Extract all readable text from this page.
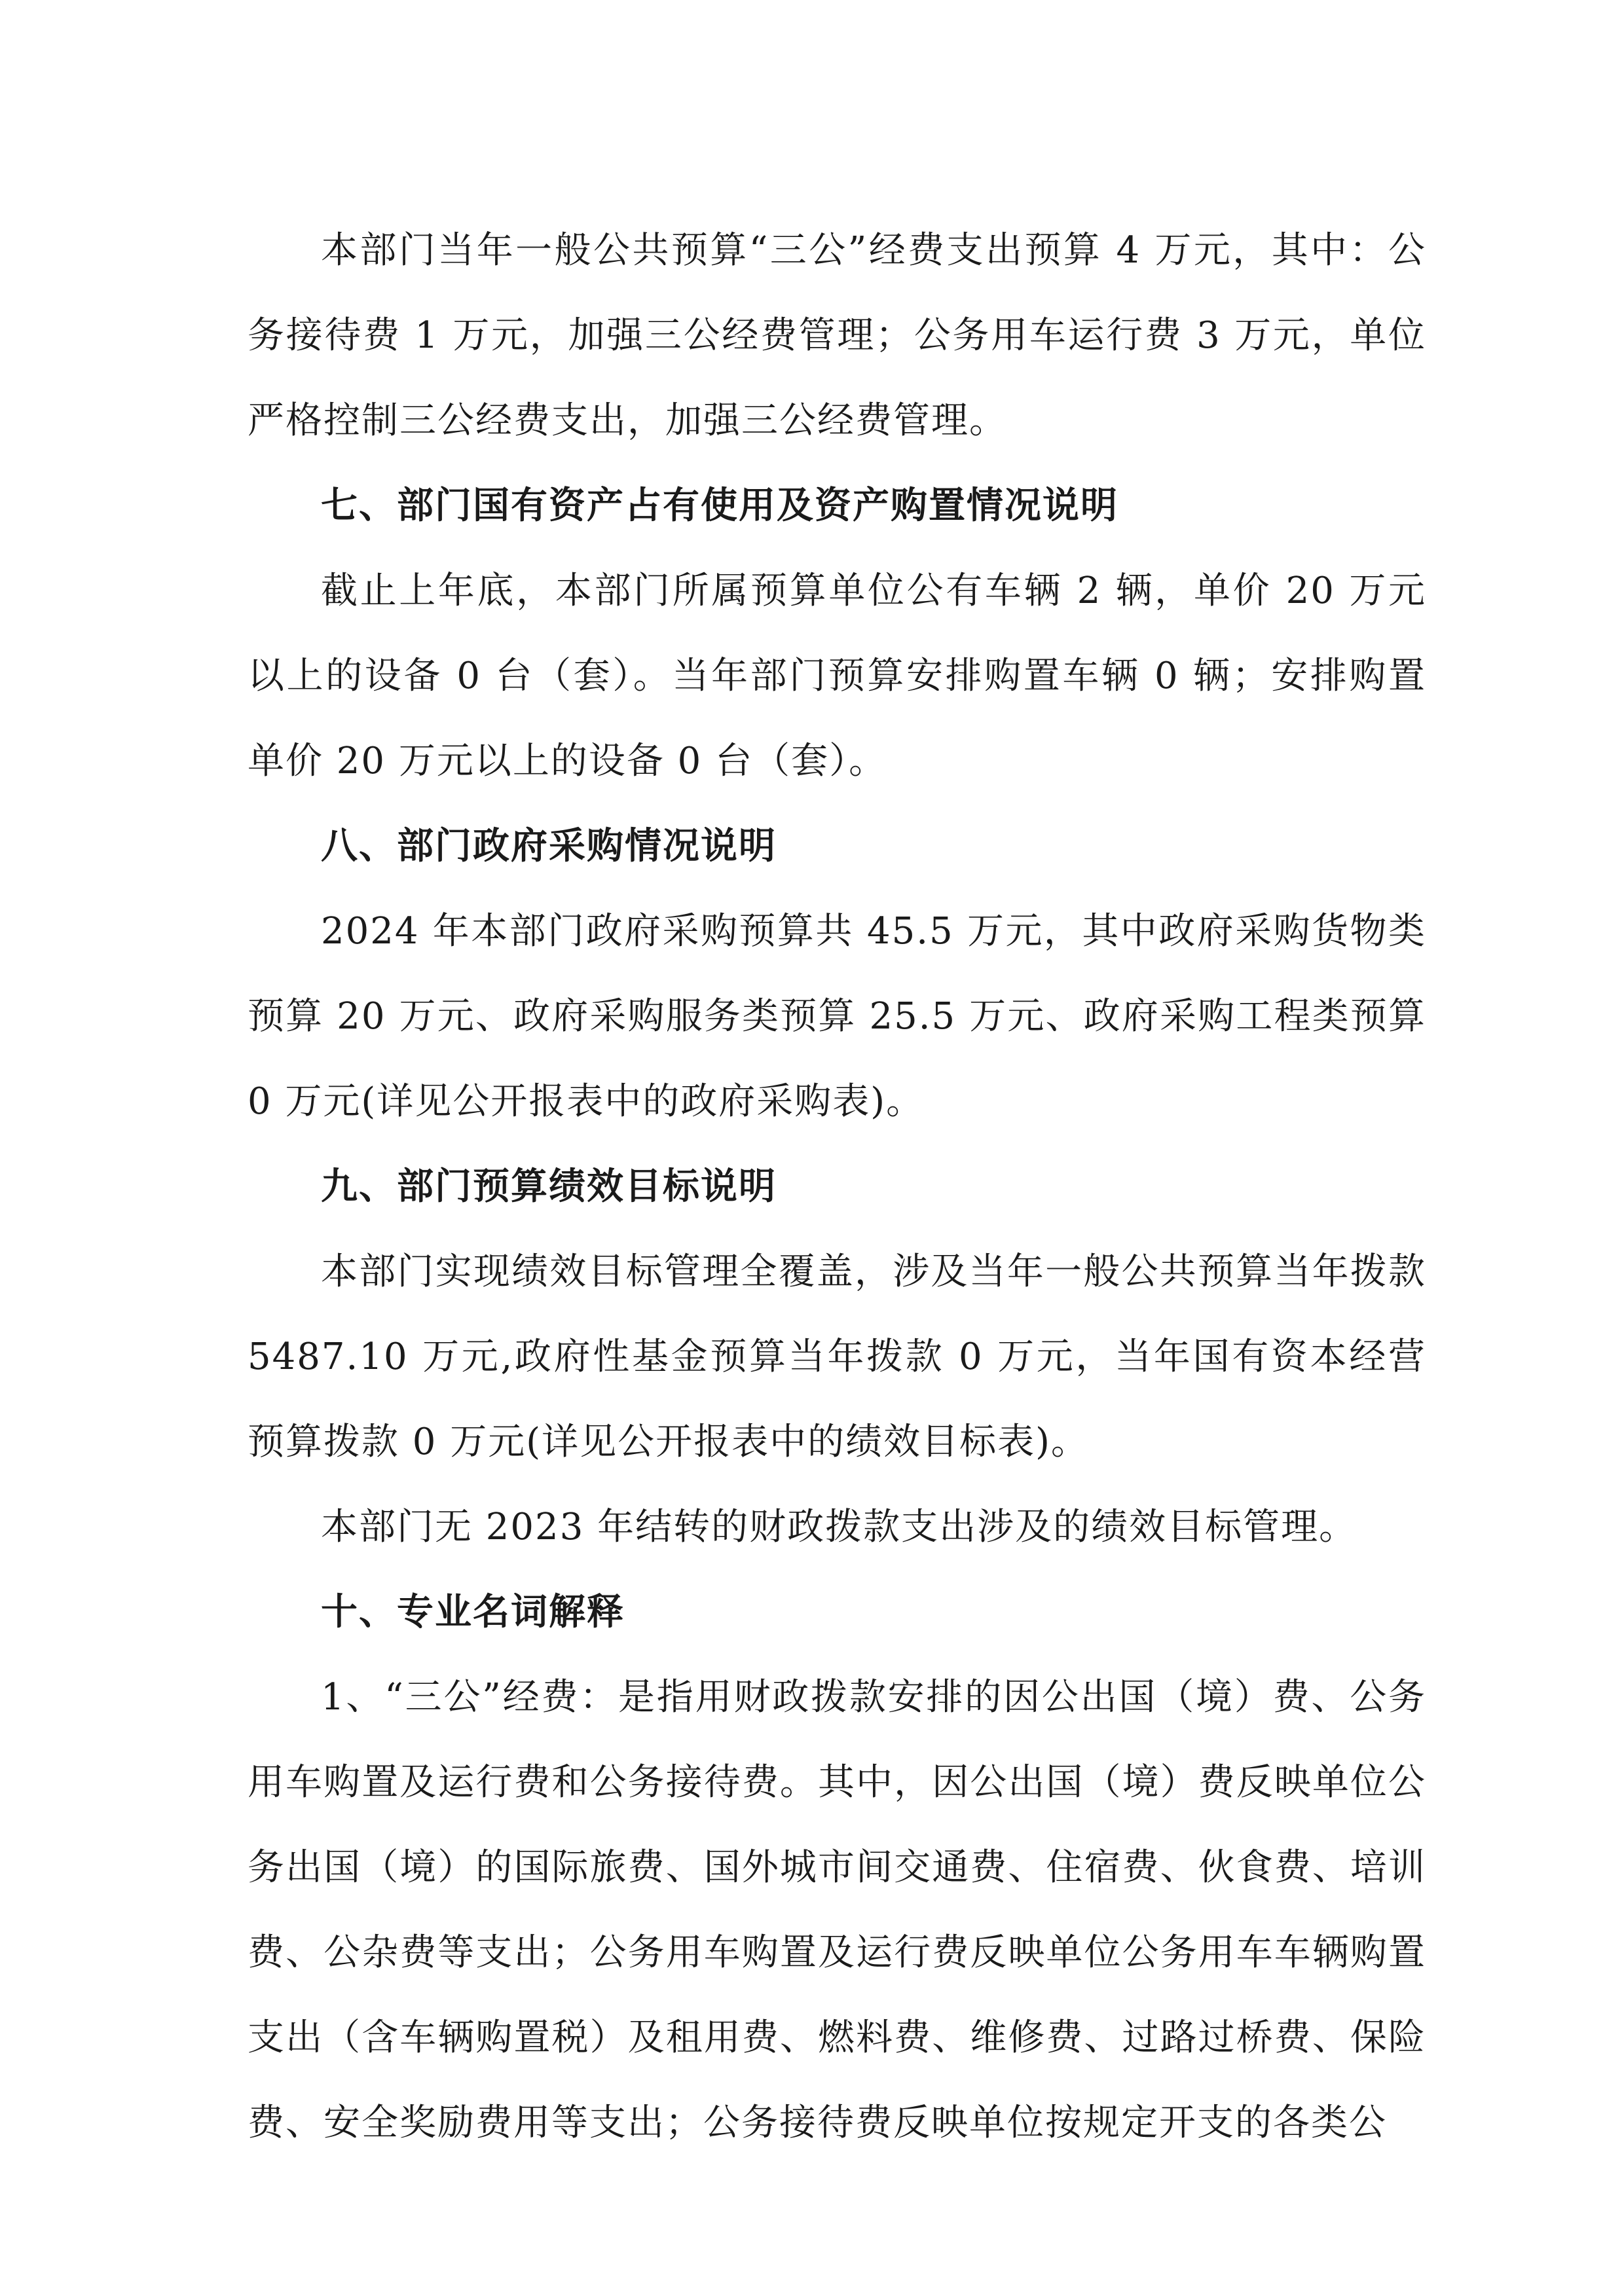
本部门当年一般公共预算“三公”经费支出预算 4 万元，其中：公务接待费 1 万元，加强三公经费管理；公务用车运行费 3 万元，单位严格控制三公经费支出，加强三公经费管理。

七、部门国有资产占有使用及资产购置情况说明

截止上年底，本部门所属预算单位公有车辆 2 辆，单价 20 万元以上的设备 0 台（套）。当年部门预算安排购置车辆 0 辆；安排购置单价 20 万元以上的设备 0 台（套）。

八、部门政府采购情况说明

2024 年本部门政府采购预算共 45.5 万元，其中政府采购货物类预算 20 万元、政府采购服务类预算 25.5 万元、政府采购工程类预算 0 万元(详见公开报表中的政府采购表)。

九、部门预算绩效目标说明

本部门实现绩效目标管理全覆盖，涉及当年一般公共预算当年拨款 5487.10 万元,政府性基金预算当年拨款 0 万元，当年国有资本经营预算拨款 0 万元(详见公开报表中的绩效目标表)。

本部门无 2023 年结转的财政拨款支出涉及的绩效目标管理。

十、专业名词解释

1、“三公”经费：是指用财政拨款安排的因公出国（境）费、公务用车购置及运行费和公务接待费。其中，因公出国（境）费反映单位公务出国（境）的国际旅费、国外城市间交通费、住宿费、伙食费、培训费、公杂费等支出；公务用车购置及运行费反映单位公务用车车辆购置支出（含车辆购置税）及租用费、燃料费、维修费、过路过桥费、保险费、安全奖励费用等支出；公务接待费反映单位按规定开支的各类公
